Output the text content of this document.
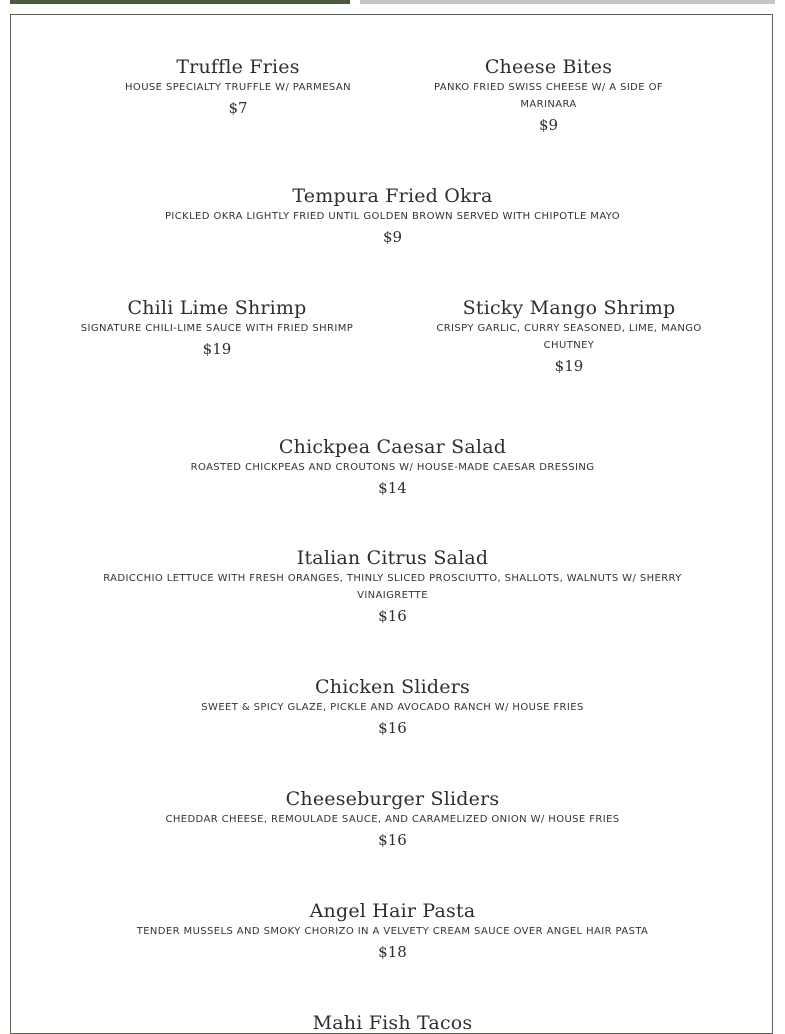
Truffle Fries
HOUSE SPECIALTY TRUFFLE W/ PARMESAN
$7
Cheese Bites
PANKO FRIED SWISS CHEESE W/ A SIDE OF MARINARA
$9
Tempura Fried Okra
PICKLED OKRA LIGHTLY FRIED UNTIL GOLDEN BROWN SERVED WITH CHIPOTLE MAYO
$9
Chili Lime Shrimp
SIGNATURE CHILI-LIME SAUCE WITH FRIED SHRIMP
$19
Sticky Mango Shrimp
CRISPY GARLIC, CURRY SEASONED, LIME, MANGO CHUTNEY
$19
Chickpea Caesar Salad
ROASTED CHICKPEAS AND CROUTONS W/ HOUSE-MADE CAESAR DRESSING
$14
Italian Citrus Salad
RADICCHIO LETTUCE WITH FRESH ORANGES, THINLY SLICED PROSCIUTTO, SHALLOTS, WALNUTS W/ SHERRY VINAIGRETTE
$16
Chicken Sliders
SWEET & SPICY GLAZE, PICKLE AND AVOCADO RANCH W/ HOUSE FRIES
$16
Cheeseburger Sliders
CHEDDAR CHEESE, REMOULADE SAUCE, AND CARAMELIZED ONION W/ HOUSE FRIES
$16
Angel Hair Pasta
TENDER MUSSELS AND SMOKY CHORIZO IN A VELVETY CREAM SAUCE OVER ANGEL HAIR PASTA
$18
Mahi Fish Tacos
